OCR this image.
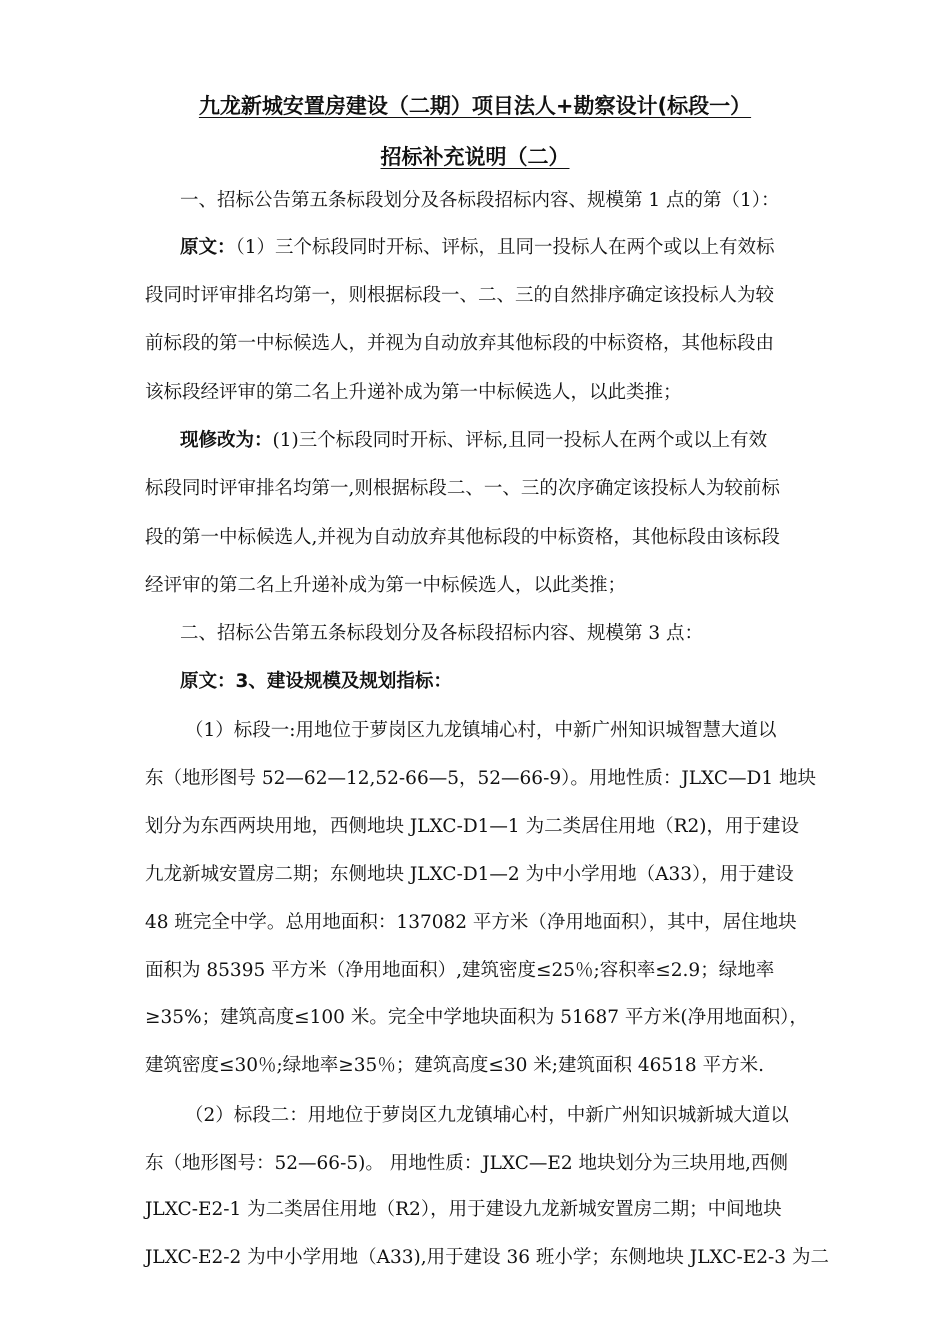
九龙新城安置房建设（二期）项目法人+勘察设计(标段一）
招标补充说明（二）
一、招标公告第五条标段划分及各标段招标内容、规模第 1 点的第（1）：
原文：（1）三个标段同时开标、评标，且同一投标人在两个或以上有效标
段同时评审排名均第一，则根据标段一、二、三的自然排序确定该投标人为较
前标段的第一中标候选人，并视为自动放弃其他标段的中标资格，其他标段由
该标段经评审的第二名上升递补成为第一中标候选人，以此类推；
现修改为：(1)三个标段同时开标、评标,且同一投标人在两个或以上有效
标段同时评审排名均第一,则根据标段二、一、三的次序确定该投标人为较前标
段的第一中标候选人,并视为自动放弃其他标段的中标资格，其他标段由该标段
经评审的第二名上升递补成为第一中标候选人，以此类推；
二、招标公告第五条标段划分及各标段招标内容、规模第 3 点：
原文：3、建设规模及规划指标：
（1）标段一:用地位于萝岗区九龙镇埔心村，中新广州知识城智慧大道以
东（地形图号 52—62—12,52-66—5，52—66-9）。用地性质：JLXC—D1 地块
划分为东西两块用地，西侧地块 JLXC-D1—1 为二类居住用地（R2)，用于建设
九龙新城安置房二期；东侧地块 JLXC-D1—2 为中小学用地（A33），用于建设
48 班完全中学。总用地面积：137082 平方米（净用地面积），其中，居住地块
面积为 85395 平方米（净用地面积）,建筑密度≤25％;容积率≤2.9；绿地率
≥35%；建筑高度≤100 米。完全中学地块面积为 51687 平方米(净用地面积），
建筑密度≤30％;绿地率≥35％；建筑高度≤30 米;建筑面积 46518 平方米.
（2）标段二：用地位于萝岗区九龙镇埔心村，中新广州知识城新城大道以
东（地形图号：52—66-5)。 用地性质：JLXC—E2 地块划分为三块用地,西侧
JLXC-E2-1 为二类居住用地（R2），用于建设九龙新城安置房二期；中间地块
JLXC-E2-2 为中小学用地（A33),用于建设 36 班小学；东侧地块 JLXC-E2-3 为二
